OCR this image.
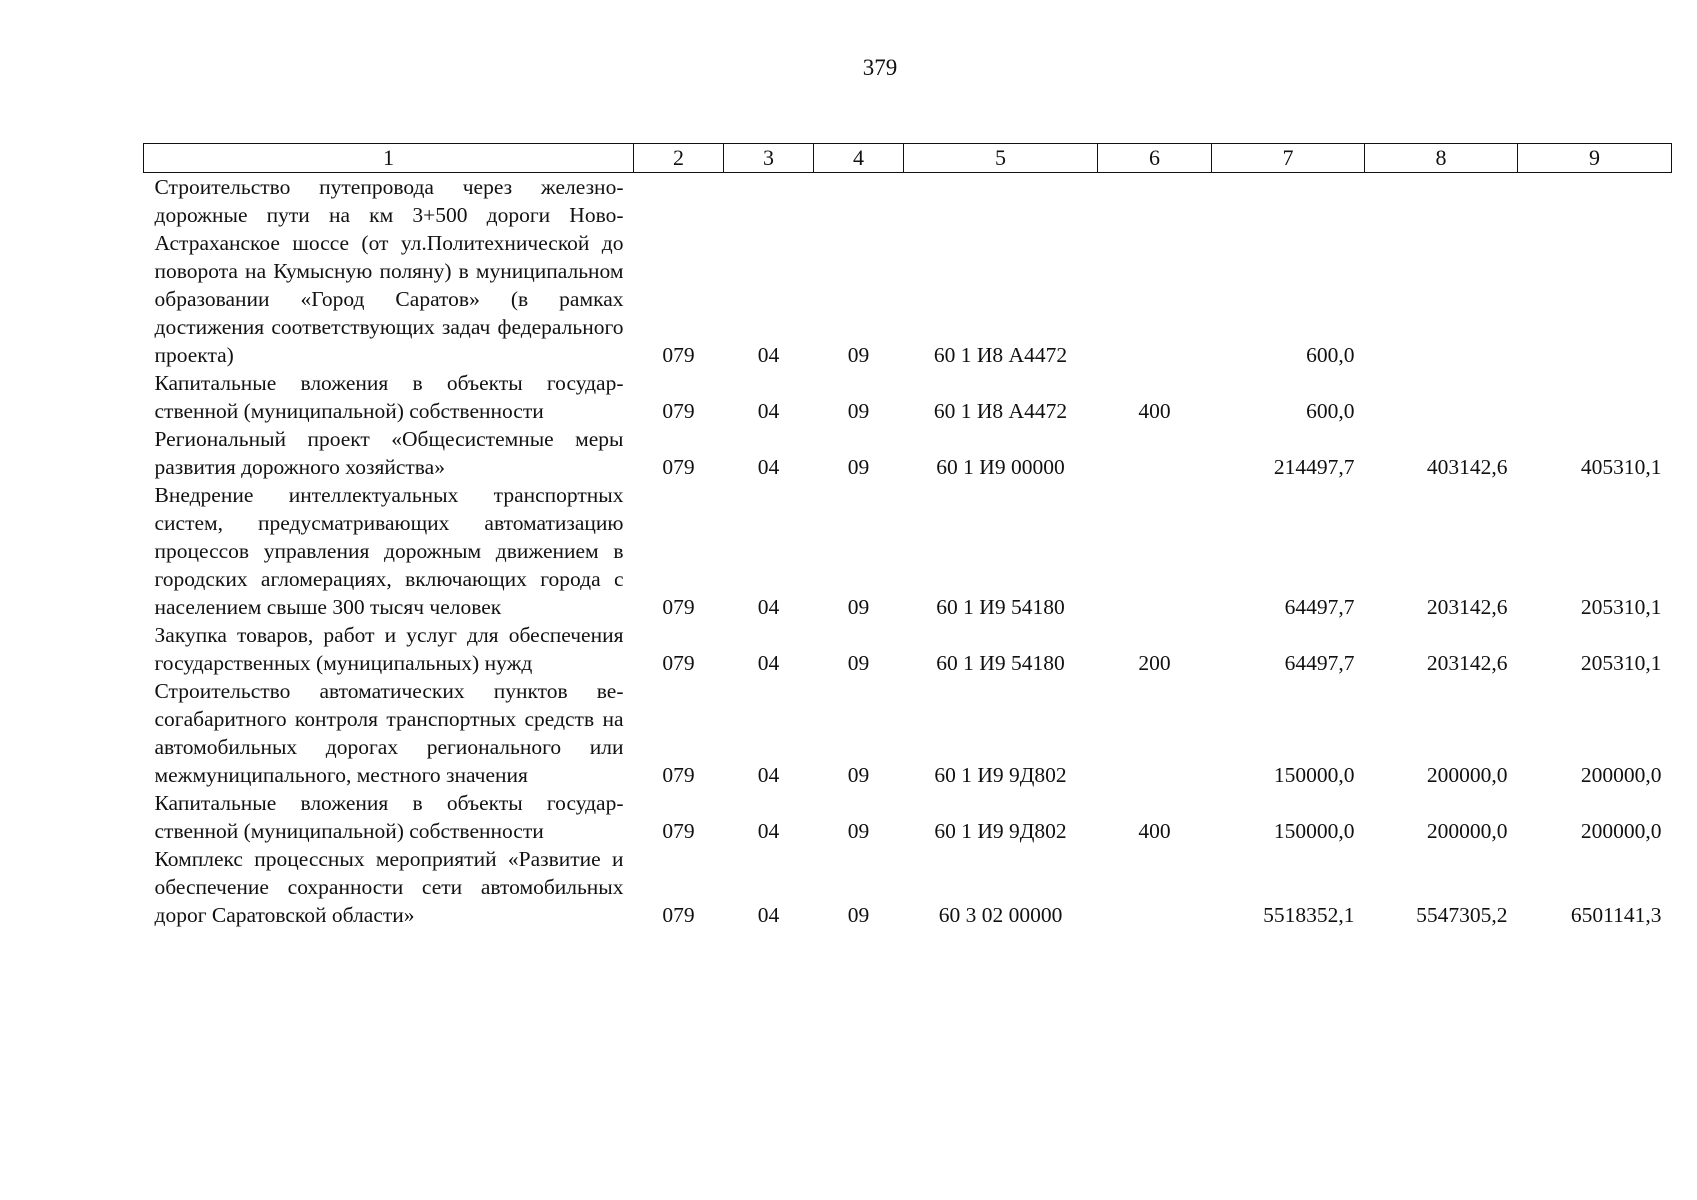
379
1	2	3	4	5	6	7	8	9
Строительство путепровода через железнодорожные пути на км 3+500 дороги Ново-Астраханское шоссе (от ул.Политехнической до поворота на Кумысную поляну) в муниципальном образовании «Город Саратов» (в рамках достижения соответствующих задач федерального проекта)	079	04	09	60 1 И8 А4472		600,0		
Капитальные вложения в объекты государственной (муниципальной) собственности	079	04	09	60 1 И8 А4472	400	600,0		
Региональный проект «Общесистемные меры развития дорожного хозяйства»	079	04	09	60 1 И9 00000		214497,7	403142,6	405310,1
Внедрение интеллектуальных транспортных систем, предусматривающих автоматизацию процессов управления дорожным движением в городских агломерациях, включающих города с населением свыше 300 тысяч человек	079	04	09	60 1 И9 54180		64497,7	203142,6	205310,1
Закупка товаров, работ и услуг для обеспечения государственных (муниципальных) нужд	079	04	09	60 1 И9 54180	200	64497,7	203142,6	205310,1
Строительство автоматических пунктов весогабаритного контроля транспортных средств на автомобильных дорогах регионального или межмуниципального, местного значения	079	04	09	60 1 И9 9Д802		150000,0	200000,0	200000,0
Капитальные вложения в объекты государственной (муниципальной) собственности	079	04	09	60 1 И9 9Д802	400	150000,0	200000,0	200000,0
Комплекс процессных мероприятий «Развитие и обеспечение сохранности сети автомобильных дорог Саратовской области»	079	04	09	60 3 02 00000		5518352,1	5547305,2	6501141,3
